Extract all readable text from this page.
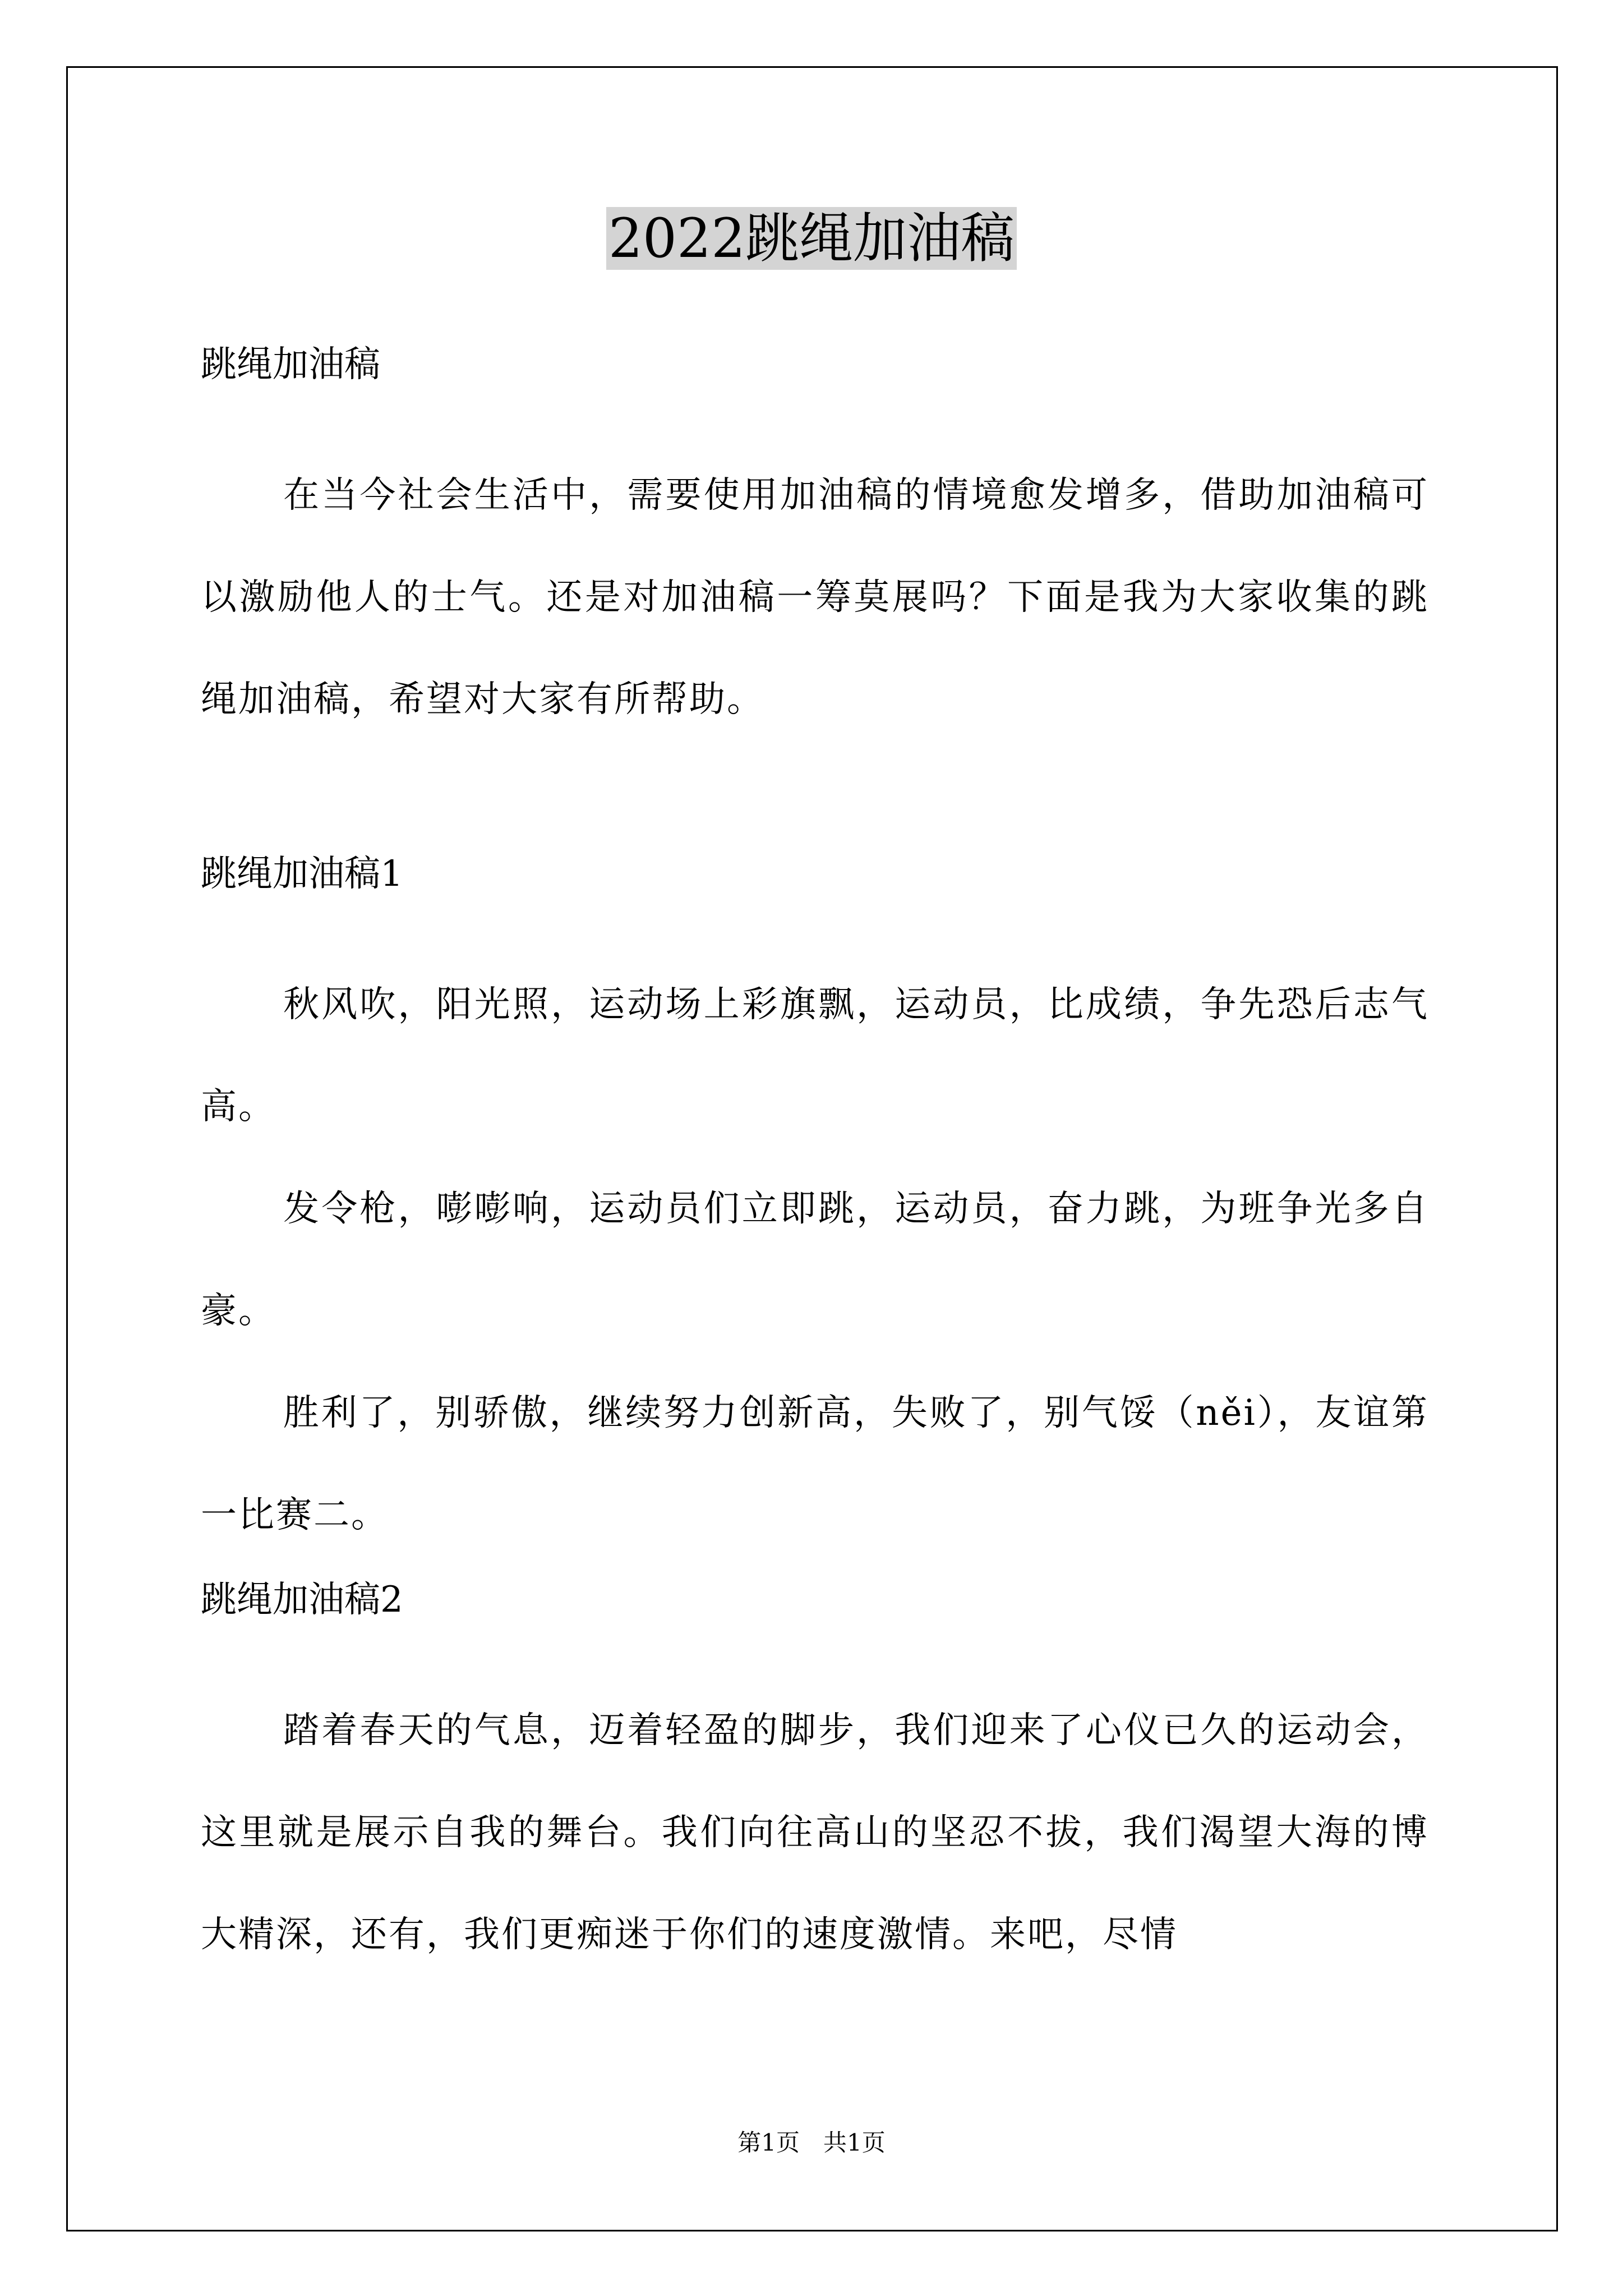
2022跳绳加油稿
跳绳加油稿
在当今社会生活中，需要使用加油稿的情境愈发增多，借助加油稿可以激励他人的士气。还是对加油稿一筹莫展吗？下面是我为大家收集的跳绳加油稿，希望对大家有所帮助。
跳绳加油稿1
秋风吹，阳光照，运动场上彩旗飘，运动员，比成绩，争先恐后志气高。
发令枪，嘭嘭响，运动员们立即跳，运动员，奋力跳，为班争光多自豪。
胜利了，别骄傲，继续努力创新高，失败了，别气馁（něi），友谊第一比赛二。
跳绳加油稿2
踏着春天的气息，迈着轻盈的脚步，我们迎来了心仪已久的运动会，这里就是展示自我的舞台。我们向往高山的坚忍不拔，我们渴望大海的博大精深，还有，我们更痴迷于你们的速度激情。来吧，尽情
第1页　共1页
